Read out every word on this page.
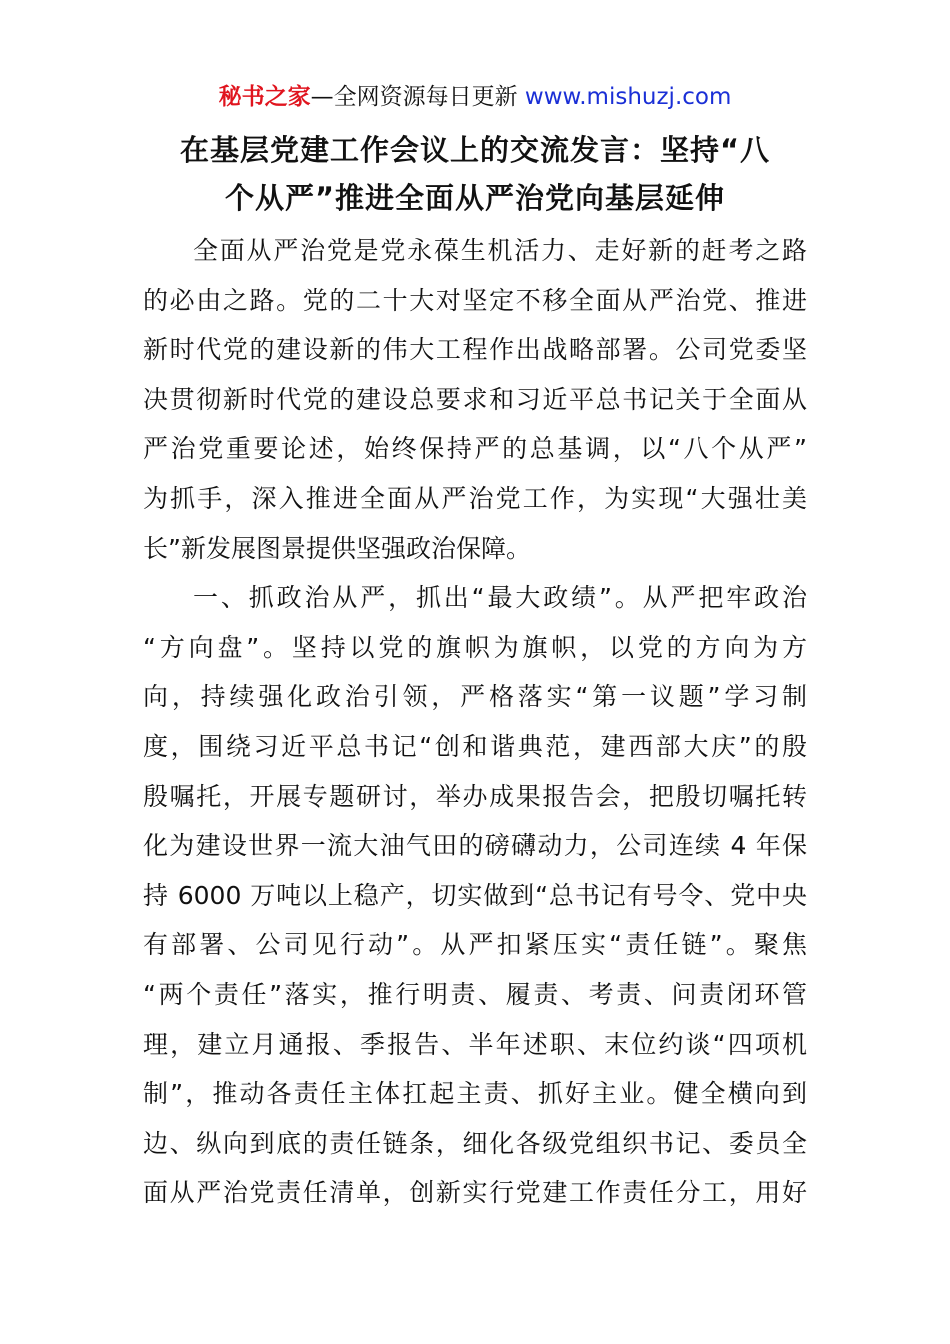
秘书之家—全网资源每日更新 www.mishuzj.com
在基层党建工作会议上的交流发言：坚持“八
个从严”推进全面从严治党向基层延伸

全面从严治党是党永葆生机活力、走好新的赶考之路
的必由之路。党的二十大对坚定不移全面从严治党、推进
新时代党的建设新的伟大工程作出战略部署。公司党委坚
决贯彻新时代党的建设总要求和习近平总书记关于全面从
严治党重要论述，始终保持严的总基调，以“八个从严”
为抓手，深入推进全面从严治党工作，为实现“大强壮美
长”新发展图景提供坚强政治保障。

一、抓政治从严，抓出“最大政绩”。从严把牢政治
“方向盘”。坚持以党的旗帜为旗帜，以党的方向为方
向，持续强化政治引领，严格落实“第一议题”学习制
度，围绕习近平总书记“创和谐典范，建西部大庆”的殷
殷嘱托，开展专题研讨，举办成果报告会，把殷切嘱托转
化为建设世界一流大油气田的磅礴动力，公司连续 4 年保
持 6000 万吨以上稳产，切实做到“总书记有号令、党中央
有部署、公司见行动”。从严扣紧压实“责任链”。聚焦
“两个责任”落实，推行明责、履责、考责、问责闭环管
理，建立月通报、季报告、半年述职、末位约谈“四项机
制”，推动各责任主体扛起主责、抓好主业。健全横向到
边、纵向到底的责任链条，细化各级党组织书记、委员全
面从严治党责任清单，创新实行党建工作责任分工，用好
